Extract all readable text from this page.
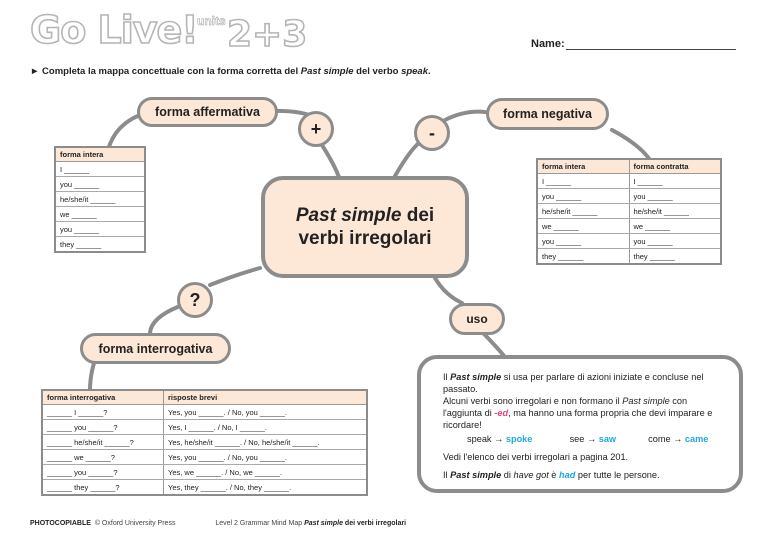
Go Live! units 2+3	Name:
► Completa la mappa concettuale con la forma corretta del Past simple del verbo speak.
forma affermativa
+	-
forma negativa
Past simple dei
verbi irregolari
?
uso
forma interrogativa
forma intera
I ______
you ______
he/she/it ______
we ______
you ______
they ______
forma intera	forma contratta
I ______	I ______
you ______	you ______
he/she/it ______	he/she/it ______
we ______	we ______
you ______	you ______
they ______	they ______
forma interrogativa	risposte brevi
______ I ______?	Yes, you ______. / No, you ______.
______ you ______?	Yes, I ______. / No, I ______.
______ he/she/it ______?	Yes, he/she/it ______. / No, he/she/it ______.
______ we ______?	Yes, you ______. / No, you ______.
______ you ______?	Yes, we ______. / No, we ______.
______ they ______?	Yes, they ______. / No, they ______.

Il Past simple si usa per parlare di azioni iniziate e concluse nel passato.

Alcuni verbi sono irregolari e non formano il Past simple con l'aggiunta di -ed, ma hanno una forma propria che devi imparare e ricordare!

speak → spoke	see → saw	come → came

Vedi l'elenco dei verbi irregolari a pagina 201.

Il Past simple di have got è had per tutte le persone.

PHOTOCOPIABLE © Oxford University Press	Level 2 Grammar Mind Map Past simple dei verbi irregolari
